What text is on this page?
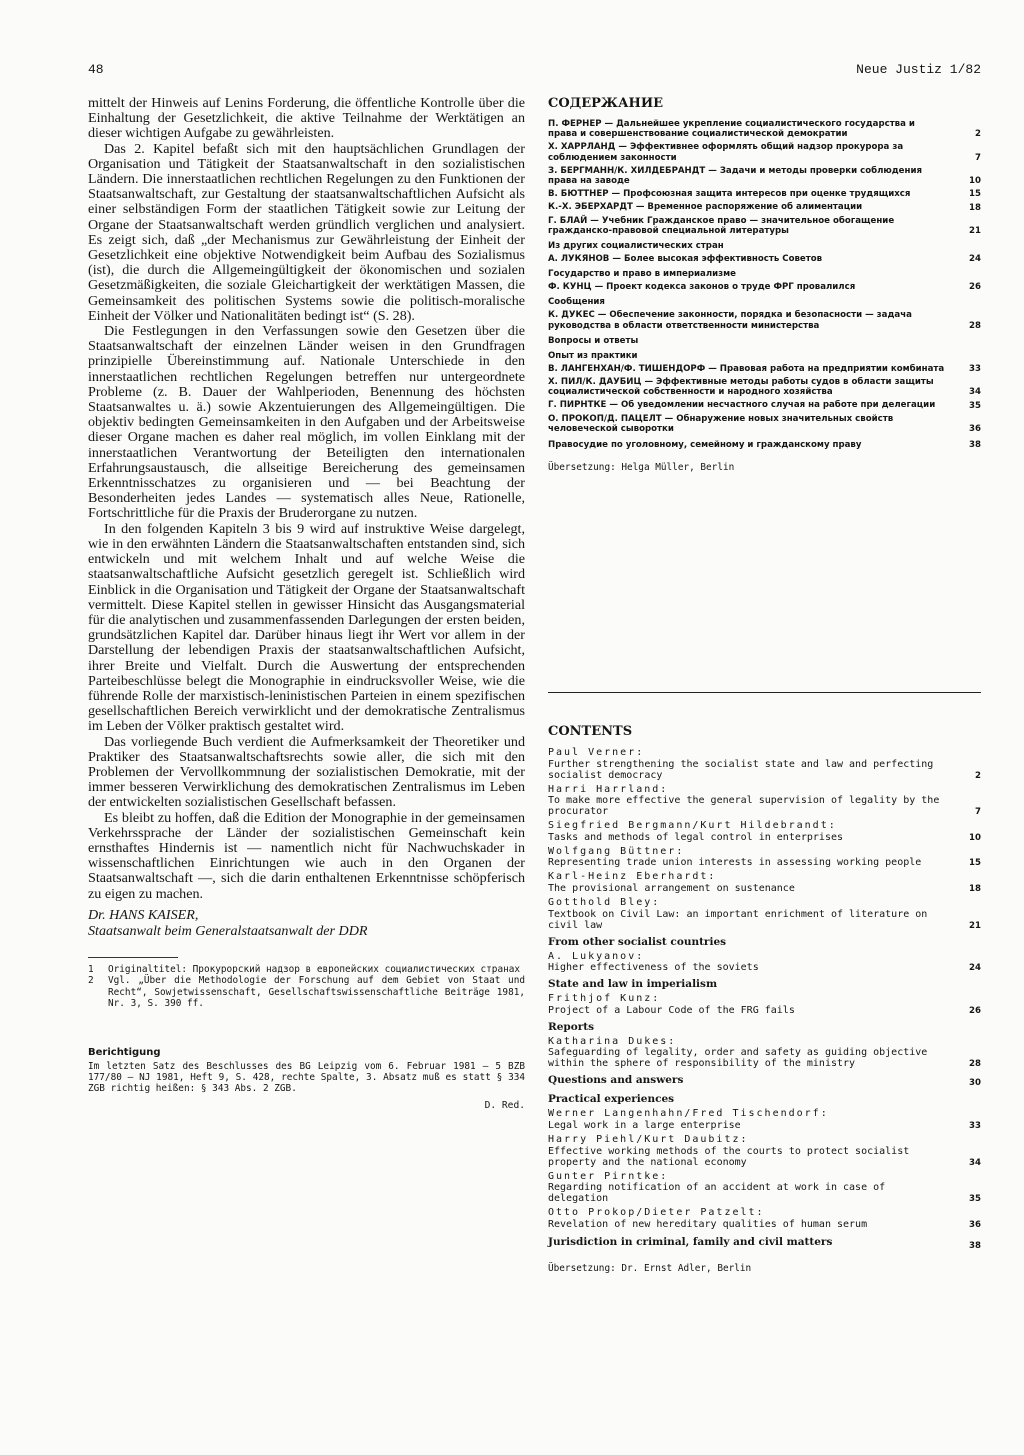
48	Neue Justiz 1/82

mittelt der Hinweis auf Lenins Forderung, die öffentliche Kontrolle über die Einhaltung der Gesetzlichkeit, die aktive Teilnahme der Werktätigen an dieser wichtigen Aufgabe zu gewährleisten.

Das 2. Kapitel befaßt sich mit den hauptsächlichen Grundlagen der Organisation und Tätigkeit der Staatsanwaltschaft in den sozialistischen Ländern. Die innerstaatlichen rechtlichen Regelungen zu den Funktionen der Staatsanwaltschaft, zur Gestaltung der staatsanwaltschaftlichen Aufsicht als einer selbständigen Form der staatlichen Tätigkeit sowie zur Leitung der Organe der Staatsanwaltschaft werden gründlich verglichen und analysiert. Es zeigt sich, daß „der Mechanismus zur Gewährleistung der Einheit der Gesetzlichkeit eine objektive Notwendigkeit beim Aufbau des Sozialismus (ist), die durch die Allgemeingültigkeit der ökonomischen und sozialen Gesetzmäßigkeiten, die soziale Gleichartigkeit der werktätigen Massen, die Gemeinsamkeit des politischen Systems sowie die politisch-moralische Einheit der Völker und Nationalitäten bedingt ist“ (S. 28).

Die Festlegungen in den Verfassungen sowie den Gesetzen über die Staatsanwaltschaft der einzelnen Länder weisen in den Grundfragen prinzipielle Übereinstimmung auf. Nationale Unterschiede in den innerstaatlichen rechtlichen Regelungen betreffen nur untergeordnete Probleme (z. B. Dauer der Wahlperioden, Benennung des höchsten Staatsanwaltes u. ä.) sowie Akzentuierungen des Allgemeingültigen. Die objektiv bedingten Gemeinsamkeiten in den Aufgaben und der Arbeitsweise dieser Organe machen es daher real möglich, im vollen Einklang mit der innerstaatlichen Verantwortung der Beteiligten den internationalen Erfahrungsaustausch, die allseitige Bereicherung des gemeinsamen Erkenntnisschatzes zu organisieren und — bei Beachtung der Besonderheiten jedes Landes — systematisch alles Neue, Rationelle, Fortschrittliche für die Praxis der Bruderorgane zu nutzen.

In den folgenden Kapiteln 3 bis 9 wird auf instruktive Weise dargelegt, wie in den erwähnten Ländern die Staatsanwaltschaften entstanden sind, sich entwickeln und mit welchem Inhalt und auf welche Weise die staatsanwaltschaftliche Aufsicht gesetzlich geregelt ist. Schließlich wird Einblick in die Organisation und Tätigkeit der Organe der Staatsanwaltschaft vermittelt. Diese Kapitel stellen in gewisser Hinsicht das Ausgangsmaterial für die analytischen und zusammenfassenden Darlegungen der ersten beiden, grundsätzlichen Kapitel dar. Darüber hinaus liegt ihr Wert vor allem in der Darstellung der lebendigen Praxis der staatsanwaltschaftlichen Aufsicht, ihrer Breite und Vielfalt. Durch die Auswertung der entsprechenden Parteibeschlüsse belegt die Monographie in eindrucksvoller Weise, wie die führende Rolle der marxistisch-leninistischen Parteien in einem spezifischen gesellschaftlichen Bereich verwirklicht und der demokratische Zentralismus im Leben der Völker praktisch gestaltet wird.

Das vorliegende Buch verdient die Aufmerksamkeit der Theoretiker und Praktiker des Staatsanwaltschaftsrechts sowie aller, die sich mit den Problemen der Vervollkommnung der sozialistischen Demokratie, mit der immer besseren Verwirklichung des demokratischen Zentralismus im Leben der entwickelten sozialistischen Gesellschaft befassen.

Es bleibt zu hoffen, daß die Edition der Monographie in der gemeinsamen Verkehrssprache der Länder der sozialistischen Gemeinschaft kein ernsthaftes Hindernis ist — namentlich nicht für Nachwuchskader in wissenschaftlichen Einrichtungen wie auch in den Organen der Staatsanwaltschaft —, sich die darin enthaltenen Erkenntnisse schöpferisch zu eigen zu machen.

Dr. HANS KAISER,
Staatsanwalt beim Generalstaatsanwalt der DDR
1	Originaltitel: Прокурорский надзор в европейских социалистических странах
2	Vgl. „Über die Methodologie der Forschung auf dem Gebiet von Staat und Recht“, Sowjetwissenschaft, Gesellschaftswissenschaftliche Beiträge 1981, Nr. 3, S. 390 ff.
Berichtigung
Im letzten Satz des Beschlusses des BG Leipzig vom 6. Februar 1981 — 5 BZB 177/80 — NJ 1981, Heft 9, S. 428, rechte Spalte, 3. Absatz muß es statt § 334 ZGB richtig heißen: § 343 Abs. 2 ZGB.
D. Red.
СОДЕРЖАНИЕ
П. ФЕРНЕР — Дальнейшее укрепление социалистического государства и права и совершенствование социалистической демократии	2
Х. ХАРРЛАНД — Эффективнее оформлять общий надзор прокурора за соблюдением законности	7
З. БЕРГМАНН/К. ХИЛДЕБРАНДТ — Задачи и методы проверки соблюдения права на заводе	10
В. БЮТТНЕР — Профсоюзная защита интересов при оценке трудящихся	15
К.-Х. ЭБЕРХАРДТ — Временное распоряжение об алиментации	18
Г. БЛАЙ — Учебник Гражданское право — значительное обогащение гражданско-правовой специальной литературы	21
Из других социалистических стран
А. ЛУКЯНОВ — Более высокая эффективность Советов	24
Государство и право в империализме
Ф. КУНЦ — Проект кодекса законов о труде ФРГ провалился	26
Сообщения
К. ДУКЕС — Обеспечение законности, порядка и безопасности — задача руководства в области ответственности министерства	28
Вопросы и ответы
Опыт из практики
В. ЛАНГЕНХАН/Ф. ТИШЕНДОРФ — Правовая работа на предприятии комбината	33
Х. ПИЛ/К. ДАУБИЦ — Эффективные методы работы судов в области защиты социалистической собственности и народного хозяйства	34
Г. ПИРНТКЕ — Об уведомлении несчастного случая на работе при делегации	35
О. ПРОКОП/Д. ПАЦЕЛТ — Обнаружение новых значительных свойств человеческой сыворотки	36
Правосудие по уголовному, семейному и гражданскому праву	38
Übersetzung: Helga Müller, Berlin
CONTENTS
Paul Verner:
Further strengthening the socialist state and law and perfecting socialist democracy	2
Harri Harrland:
To make more effective the general supervision of legality by the procurator	7
Siegfried Bergmann/Kurt Hildebrandt:
Tasks and methods of legal control in enterprises	10
Wolfgang Büttner:
Representing trade union interests in assessing working people	15
Karl-Heinz Eberhardt:
The provisional arrangement on sustenance	18
Gotthold Bley:
Textbook on Civil Law: an important enrichment of literature on civil law	21
From other socialist countries
A. Lukyanov:
Higher effectiveness of the soviets	24
State and law in imperialism
Frithjof Kunz:
Project of a Labour Code of the FRG fails	26
Reports
Katharina Dukes:
Safeguarding of legality, order and safety as guiding objective within the sphere of responsibility of the ministry	28
Questions and answers	30
Practical experiences
Werner Langenhahn/Fred Tischendorf:
Legal work in a large enterprise	33
Harry Piehl/Kurt Daubitz:
Effective working methods of the courts to protect socialist property and the national economy	34
Gunter Pirntke:
Regarding notification of an accident at work in case of delegation	35
Otto Prokop/Dieter Patzelt:
Revelation of new hereditary qualities of human serum	36
Jurisdiction in criminal, family and civil matters	38
Übersetzung: Dr. Ernst Adler, Berlin
